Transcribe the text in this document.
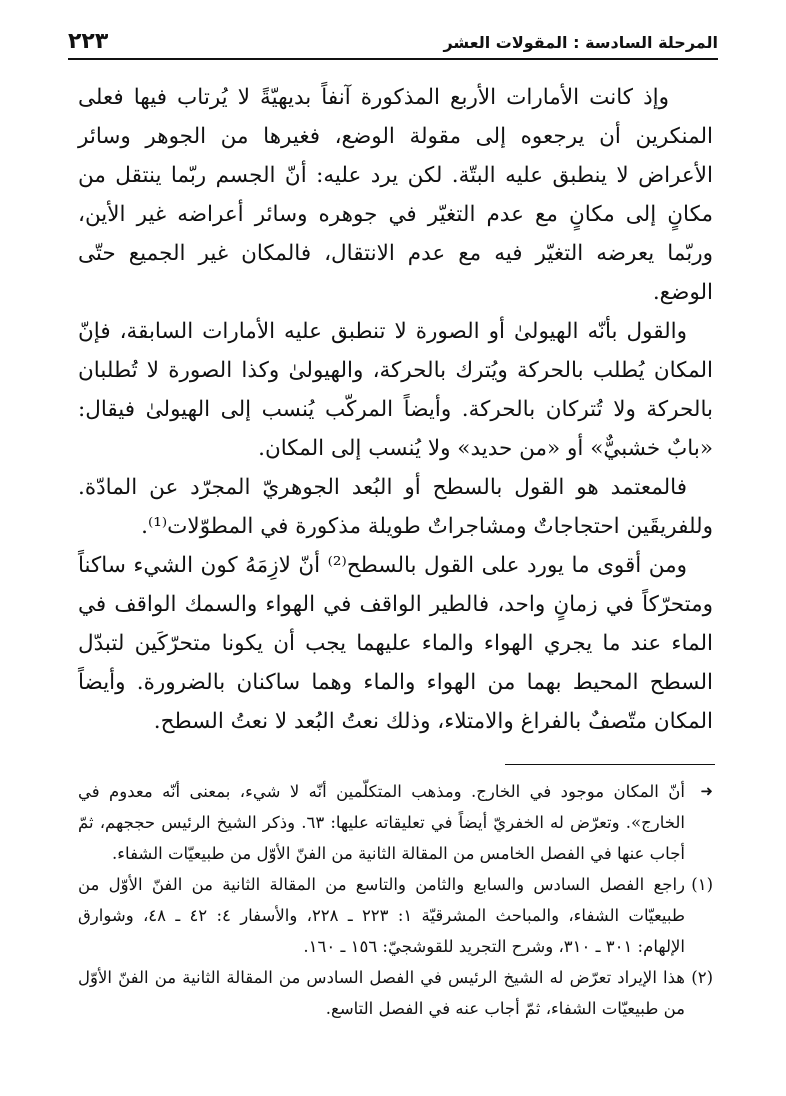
المرحلة السادسة : المقولات العشر
٢٢٣

وإذ كانت الأمارات الأربع المذكورة آنفاً بديهيّةً لا يُرتاب فيها فعلى المنكرين أن يرجعوه إلى مقولة الوضع، فغيرها من الجوهر وسائر الأعراض لا ينطبق عليه البتّة. لكن يرد عليه: أنّ الجسم ربّما ينتقل من مكانٍ إلى مكانٍ مع عدم التغيّر في جوهره وسائر أعراضه غير الأين، وربّما يعرضه التغيّر فيه مع عدم الانتقال، فالمكان غير الجميع حتّى الوضع.

والقول بأنّه الهيولىٰ أو الصورة لا تنطبق عليه الأمارات السابقة، فإنّ المكان يُطلب بالحركة ويُترك بالحركة، والهيولىٰ وكذا الصورة لا تُطلبان بالحركة ولا تُتركان بالحركة. وأيضاً المركّب يُنسب إلى الهيولىٰ فيقال: «بابٌ خشبيٌّ» أو «من حديد» ولا يُنسب إلى المكان.

فالمعتمد هو القول بالسطح أو البُعد الجوهريّ المجرّد عن المادّة. وللفريقَين احتجاجاتٌ ومشاجراتٌ طويلة مذكورة في المطوّلات⁽¹⁾.

ومن أقوى ما يورد على القول بالسطح⁽²⁾ أنّ لازِمَهُ كون الشيء ساكناً ومتحرّكاً في زمانٍ واحد، فالطير الواقف في الهواء والسمك الواقف في الماء عند ما يجري الهواء والماء عليهما يجب أن يكونا متحرّكَين لتبدّل السطح المحيط بهما من الهواء والماء وهما ساكنان بالضرورة. وأيضاً المكان متّصفٌ بالفراغ والامتلاء، وذلك نعتُ البُعد لا نعتُ السطح.

➜
أنّ المكان موجود في الخارج. ومذهب المتكلّمين أنّه لا شيء، بمعنى أنّه معدوم في الخارج». وتعرّض له الخفريّ أيضاً في تعليقاته عليها: ٦٣. وذكر الشيخ الرئيس حججهم، ثمّ أجاب عنها في الفصل الخامس من المقالة الثانية من الفنّ الأوّل من طبيعيّات الشفاء.

(١)
راجع الفصل السادس والسابع والثامن والتاسع من المقالة الثانية من الفنّ الأوّل من طبيعيّات الشفاء، والمباحث المشرقيّة ١: ٢٢٣ ـ ٢٢٨، والأسفار ٤: ٤٢ ـ ٤٨، وشوارق الإلهام: ٣٠١ ـ ٣١٠، وشرح التجريد للقوشجيّ: ١٥٦ ـ ١٦٠.

(٢)
هذا الإيراد تعرّض له الشيخ الرئيس في الفصل السادس من المقالة الثانية من الفنّ الأوّل من طبيعيّات الشفاء، ثمّ أجاب عنه في الفصل التاسع.
